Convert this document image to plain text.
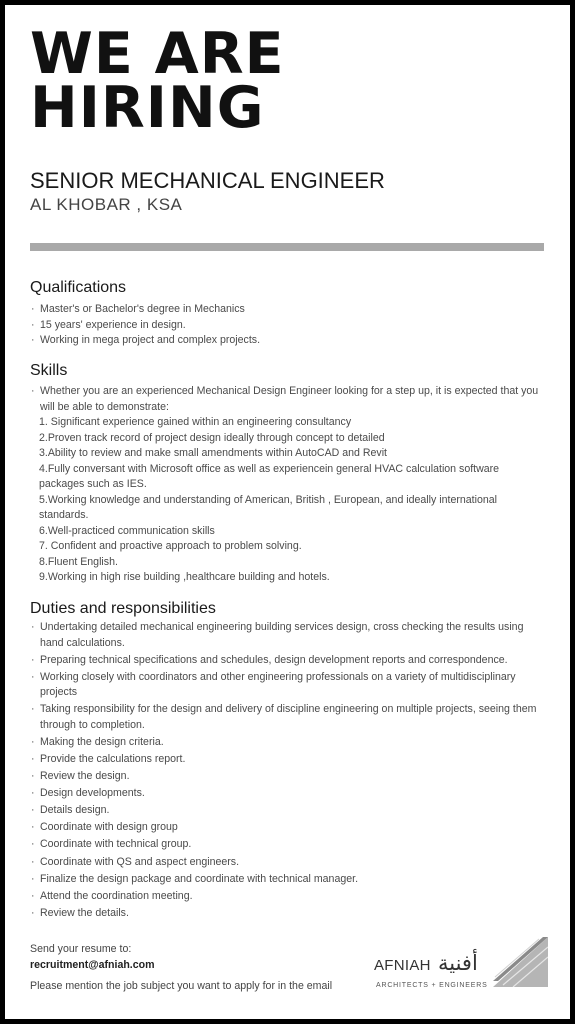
WE ARE
HIRING
SENIOR MECHANICAL ENGINEER
AL KHOBAR , KSA
Qualifications
· Master's or Bachelor's degree in Mechanics
· 15 years' experience in design.
· Working in mega project and complex projects.
Skills
· Whether you are an experienced Mechanical Design Engineer looking for a step up, it is expected that you will be able to demonstrate:
1. Significant experience gained within an engineering consultancy
2.Proven track record of project design ideally through concept to detailed
3.Ability to review and make small amendments within AutoCAD and Revit
4.Fully conversant with Microsoft office as well as experiencein general HVAC calculation software packages such as IES.
5.Working knowledge and understanding of American, British , European, and ideally international standards.
6.Well-practiced communication skills
7. Confident and proactive approach to problem solving.
8.Fluent English.
9.Working in high rise building ,healthcare building and hotels.
Duties and responsibilities
· Undertaking detailed mechanical engineering building services design, cross checking the results using hand calculations.
· Preparing technical specifications and schedules, design development reports and correspondence.
· Working closely with coordinators and other engineering professionals on a variety of multidisciplinary projects
· Taking responsibility for the design and delivery of discipline engineering on multiple projects, seeing them through to completion.
· Making the design criteria.
· Provide the calculations report.
· Review the design.
· Design developments.
· Details design.
· Coordinate with design group
· Coordinate with technical group.
· Coordinate with QS and aspect engineers.
· Finalize the design package and coordinate with technical manager.
· Attend the coordination meeting.
· Review the details.
Send your resume to:
recruitment@afniah.com
Please mention the job subject you want to apply for in the email
AFNIAH أفنية
ARCHITECTS + ENGINEERS
